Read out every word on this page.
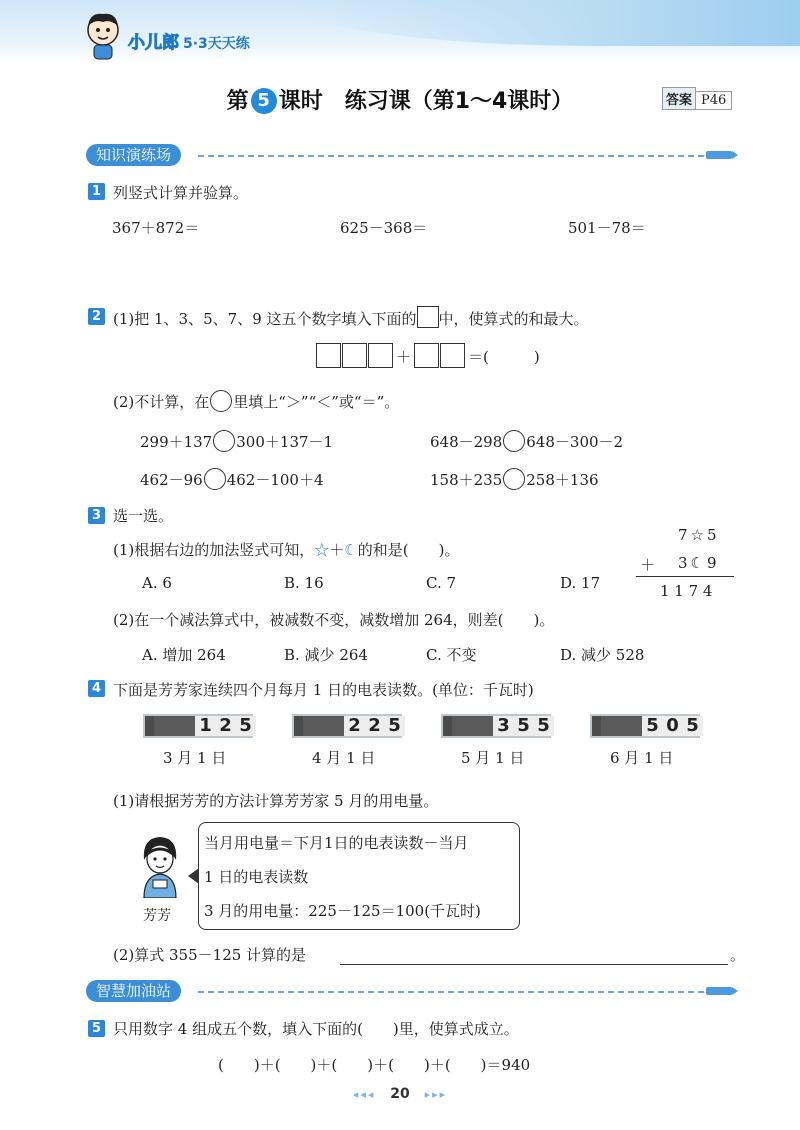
小儿郎 5·3天天练
第 5 课时　练习课（第1～4课时）	答案 P46
知识演练场
1 列竖式计算并验算。
367＋872＝	625－368＝	501－78＝
2 (1)把 1、3、5、7、9 这五个数字填入下面的 中，使算式的和最大。
＋	＝(　　　)
(2)不计算，在 里填上“＞”“＜”或“＝”。
299＋137 300＋137－1	648－298 648－300－2
462－96 462－100＋4	158＋235 258＋136
3 选一选。
(1)根据右边的加法竖式可知，☆＋☾的和是(　　)。
A. 6	B. 16	C. 7	D. 17
7☆5
＋ 3☾9
1 1 7 4
(2)在一个减法算式中，被减数不变，减数增加 264，则差(　　)。
A. 增加 264	B. 减少 264	C. 不变	D. 减少 528
4 下面是芳芳家连续四个月每月 1 日的电表读数。(单位：千瓦时)
1 2 5
3 月 1 日
2 2 5
4 月 1 日
3 5 5
5 月 1 日
5 0 5
6 月 1 日
(1)请根据芳芳的方法计算芳芳家 5 月的用电量。
芳芳
当月用电量＝下月1日的电表读数－当月
1 日的电表读数
3 月的用电量：225－125＝100(千瓦时)
(2)算式 355－125 计算的是	。
智慧加油站
5 只用数字 4 组成五个数，填入下面的(　　)里，使算式成立。
(　　)＋(　　)＋(　　)＋(　　)＋(　　)＝940
◂◂◂ 20 ▸▸▸
